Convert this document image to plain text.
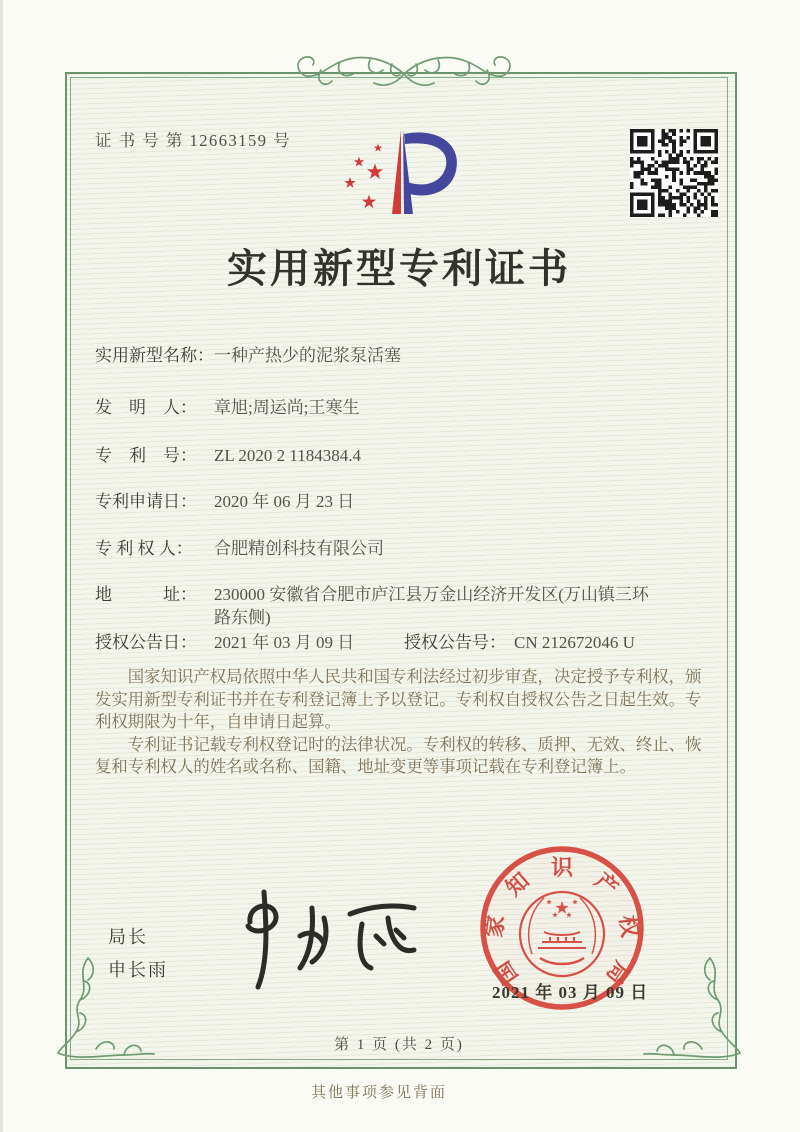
证 书 号 第 12663159 号
实用新型专利证书
实用新型名称：一种产热少的泥浆泵活塞
发　明　人： 章旭;周运尚;王寒生
专　利　号： ZL 2020 2 1184384.4
专利申请日： 2020 年 06 月 23 日
专 利 权 人： 合肥精创科技有限公司
地　　　址： 230000 安徽省合肥市庐江县万金山经济开发区(万山镇三环路东侧)
授权公告日： 2021 年 03 月 09 日	授权公告号： CN 212672046 U

国家知识产权局依照中华人民共和国专利法经过初步审查，决定授予专利权，颁发实用新型专利证书并在专利登记簿上予以登记。专利权自授权公告之日起生效。专利权期限为十年，自申请日起算。

专利证书记载专利权登记时的法律状况。专利权的转移、质押、无效、终止、恢复和专利权人的姓名或名称、国籍、地址变更等事项记载在专利登记簿上。

局长
申长雨	国
家
知
识
产
权
局
2021 年 03 月 09 日
第 1 页 (共 2 页)
其他事项参见背面
